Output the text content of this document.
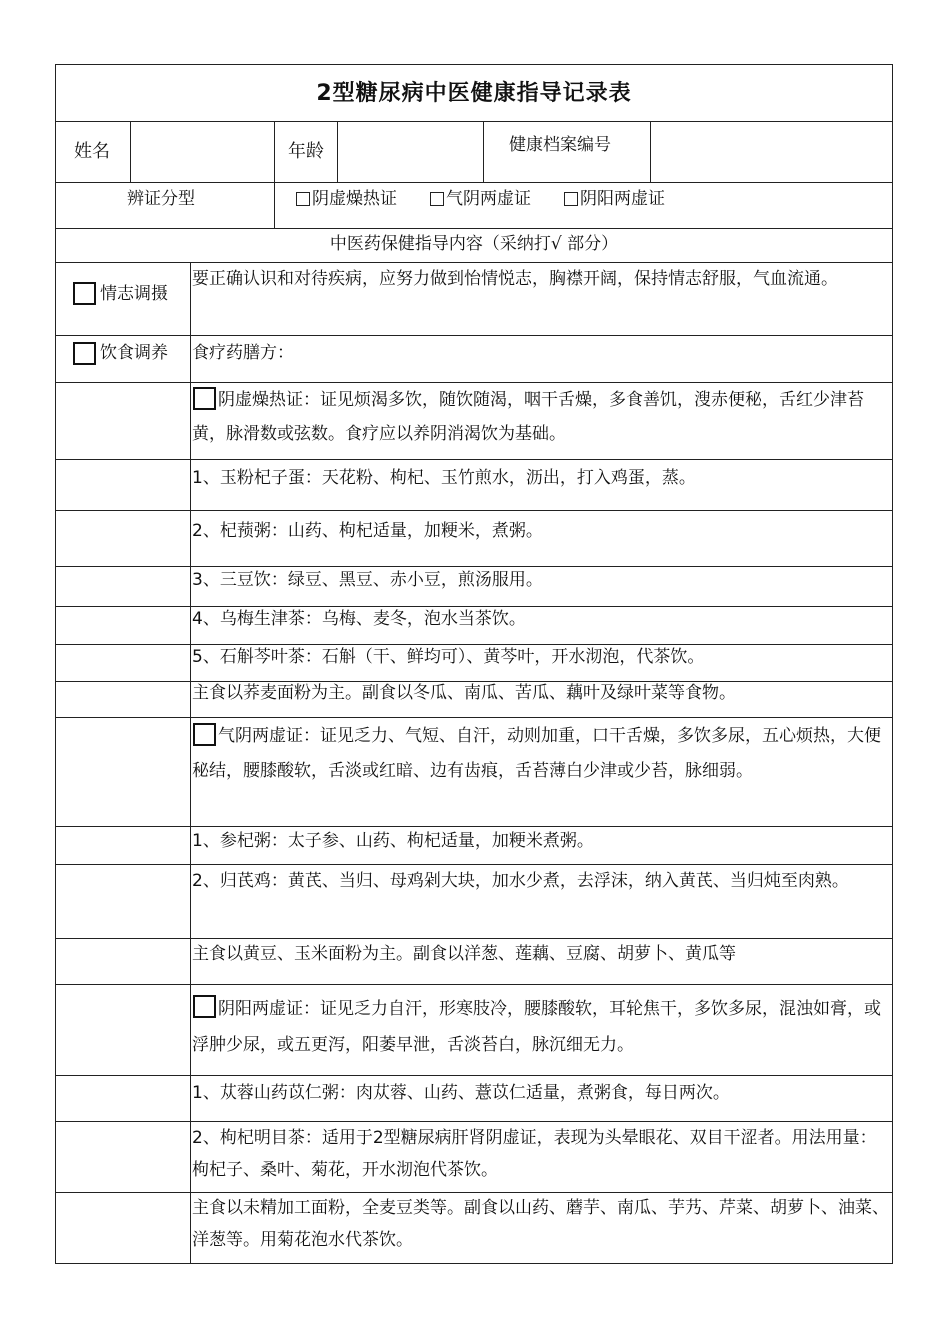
2型糖尿病中医健康指导记录表
姓名	年龄	健康档案编号
辨证分型	阴虚燥热证	气阴两虚证	阴阳两虚证
中医药保健指导内容（采纳打√ 部分）
情志调摄
要正确认识和对待疾病，应努力做到怡情悦志，胸襟开阔，保持情志舒服，气血流通。
饮食调养 食疗药膳方：
阴虚燥热证：证见烦渴多饮，随饮随渴，咽干舌燥，多食善饥，溲赤便秘，舌红少津苔黄，脉滑数或弦数。食疗应以养阴消渴饮为基础。
1、玉粉杞子蛋：天花粉、枸杞、玉竹煎水，沥出，打入鸡蛋，蒸。
2、杞蓣粥：山药、枸杞适量，加粳米，煮粥。
3、三豆饮：绿豆、黑豆、赤小豆，煎汤服用。
4、乌梅生津茶：乌梅、麦冬，泡水当茶饮。
5、石斛芩叶茶：石斛（干、鲜均可）、黄芩叶，开水沏泡，代茶饮。
主食以荞麦面粉为主。副食以冬瓜、南瓜、苦瓜、藕叶及绿叶菜等食物。
气阴两虚证：证见乏力、气短、自汗，动则加重，口干舌燥，多饮多尿，五心烦热，大便秘结，腰膝酸软，舌淡或红暗、边有齿痕，舌苔薄白少津或少苔，脉细弱。
1、参杞粥：太子参、山药、枸杞适量，加粳米煮粥。
2、归芪鸡：黄芪、当归、母鸡剁大块，加水少煮，去浮沫，纳入黄芪、当归炖至肉熟。
主食以黄豆、玉米面粉为主。副食以洋葱、莲藕、豆腐、胡萝卜、黄瓜等
阴阳两虚证：证见乏力自汗，形寒肢冷，腰膝酸软，耳轮焦干，多饮多尿，混浊如膏，或浮肿少尿，或五更泻，阳萎早泄，舌淡苔白，脉沉细无力。
1、苁蓉山药苡仁粥：肉苁蓉、山药、薏苡仁适量，煮粥食，每日两次。
2、枸杞明目茶：适用于2型糖尿病肝肾阴虚证，表现为头晕眼花、双目干涩者。用法用量：枸杞子、桑叶、菊花，开水沏泡代茶饮。
主食以未精加工面粉，全麦豆类等。副食以山药、蘑芋、南瓜、芋艿、芹菜、胡萝卜、油菜、洋葱等。用菊花泡水代茶饮。
